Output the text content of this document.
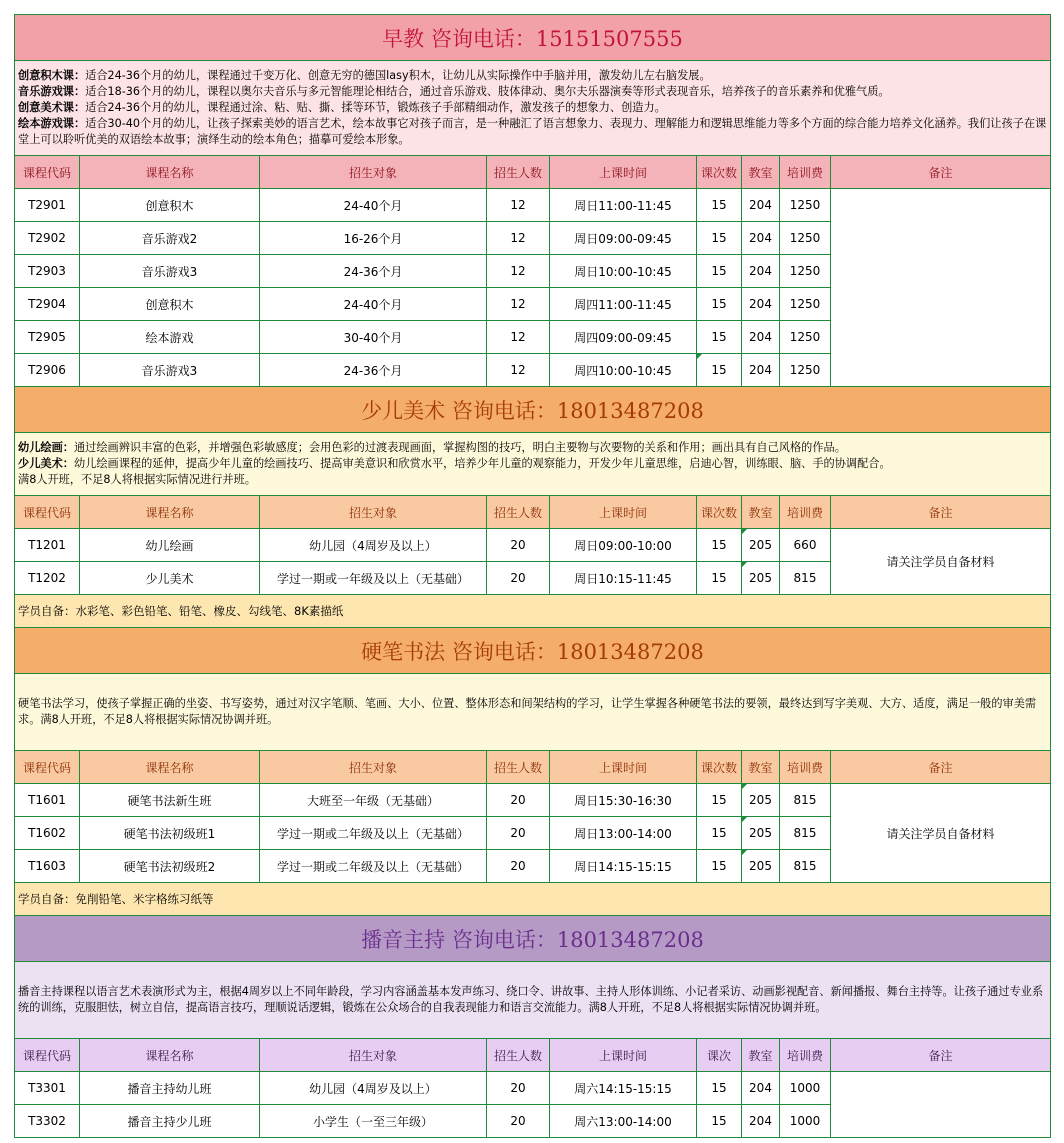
早教 咨询电话：15151507555								

创意积木课：适合24-36个月的幼儿，课程通过千变万化、创意无穷的德国lasy积木，让幼儿从实际操作中手脑并用，激发幼儿左右脑发展。
音乐游戏课：适合18-36个月的幼儿，课程以奥尔夫音乐与多元智能理论相结合，通过音乐游戏、肢体律动、奥尔夫乐器演奏等形式表现音乐，培养孩子的音乐素养和优雅气质。
创意美术课：适合24-36个月的幼儿，课程通过涂、粘、贴、撕、揉等环节，锻炼孩子手部精细动作，激发孩子的想象力、创造力。
绘本游戏课：适合30-40个月的幼儿，让孩子探索美妙的语言艺术，绘本故事它对孩子而言，是一种融汇了语言想象力、表现力、理解能力和逻辑思维能力等多个方面的综合能力培养文化涵养。我们让孩子在课堂上可以聆听优美的双语绘本故事；演绎生动的绘本角色；描摹可爱绘本形象。								

课程代码	课程名称	招生对象	招生人数	上课时间	课次数	教室	培训费	备注
T2901	创意积木	24-40个月	12	周日11:00-11:45	15	204	1250	
T2902	音乐游戏2	16-26个月	12	周日09:00-09:45	15	204	1250	
T2903	音乐游戏3	24-36个月	12	周日10:00-10:45	15	204	1250	
T2904	创意积木	24-40个月	12	周四11:00-11:45	15	204	1250	
T2905	绘本游戏	30-40个月	12	周四09:00-09:45	15	204	1250	
T2906	音乐游戏3	24-36个月	12	周四10:00-10:45	15	204	1250	
少儿美术 咨询电话：18013487208								

幼儿绘画：通过绘画辨识丰富的色彩，并增强色彩敏感度；会用色彩的过渡表现画面，掌握构图的技巧，明白主要物与次要物的关系和作用；画出具有自己风格的作品。
少儿美术：幼儿绘画课程的延伸，提高少年儿童的绘画技巧、提高审美意识和欣赏水平，培养少年儿童的观察能力，开发少年儿童思维，启迪心智，训练眼、脑、手的协调配合。
满8人开班，不足8人将根据实际情况进行并班。								

课程代码	课程名称	招生对象	招生人数	上课时间	课次数	教室	培训费	备注
T1201	幼儿绘画	幼儿园（4周岁及以上）	20	周日09:00-10:00	15	205	660	请关注学员自备材料
T1202	少儿美术	学过一期或一年级及以上（无基础）	20	周日10:15-11:45	15	205	815	
学员自备：水彩笔、彩色铅笔、铅笔、橡皮、勾线笔、8K素描纸								
硬笔书法 咨询电话：18013487208								

硬笔书法学习，使孩子掌握正确的坐姿、书写姿势，通过对汉字笔顺、笔画、大小、位置、整体形态和间架结构的学习，让学生掌握各种硬笔书法的要领，最终达到写字美观、大方、适度，满足一般的审美需求。满8人开班，不足8人将根据实际情况协调并班。								

课程代码	课程名称	招生对象	招生人数	上课时间	课次数	教室	培训费	备注
T1601	硬笔书法新生班	大班至一年级（无基础）	20	周日15:30-16:30	15	205	815	请关注学员自备材料
T1602	硬笔书法初级班1	学过一期或二年级及以上（无基础）	20	周日13:00-14:00	15	205	815	
T1603	硬笔书法初级班2	学过一期或二年级及以上（无基础）	20	周日14:15-15:15	15	205	815	
学员自备：免削铅笔、米字格练习纸等								
播音主持 咨询电话：18013487208								

播音主持课程以语言艺术表演形式为主，根据4周岁以上不同年龄段，学习内容涵盖基本发声练习、绕口令、讲故事、主持人形体训练、小记者采访、动画影视配音、新闻播报、舞台主持等。让孩子通过专业系统的训练，克服胆怯，树立自信，提高语言技巧，理顺说话逻辑，锻炼在公众场合的自我表现能力和语言交流能力。满8人开班，不足8人将根据实际情况协调并班。								

课程代码	课程名称	招生对象	招生人数	上课时间	课次	教室	培训费	备注
T3301	播音主持幼儿班	幼儿园（4周岁及以上）	20	周六14:15-15:15	15	204	1000	
T3302	播音主持少儿班	小学生（一至三年级）	20	周六13:00-14:00	15	204	1000	
